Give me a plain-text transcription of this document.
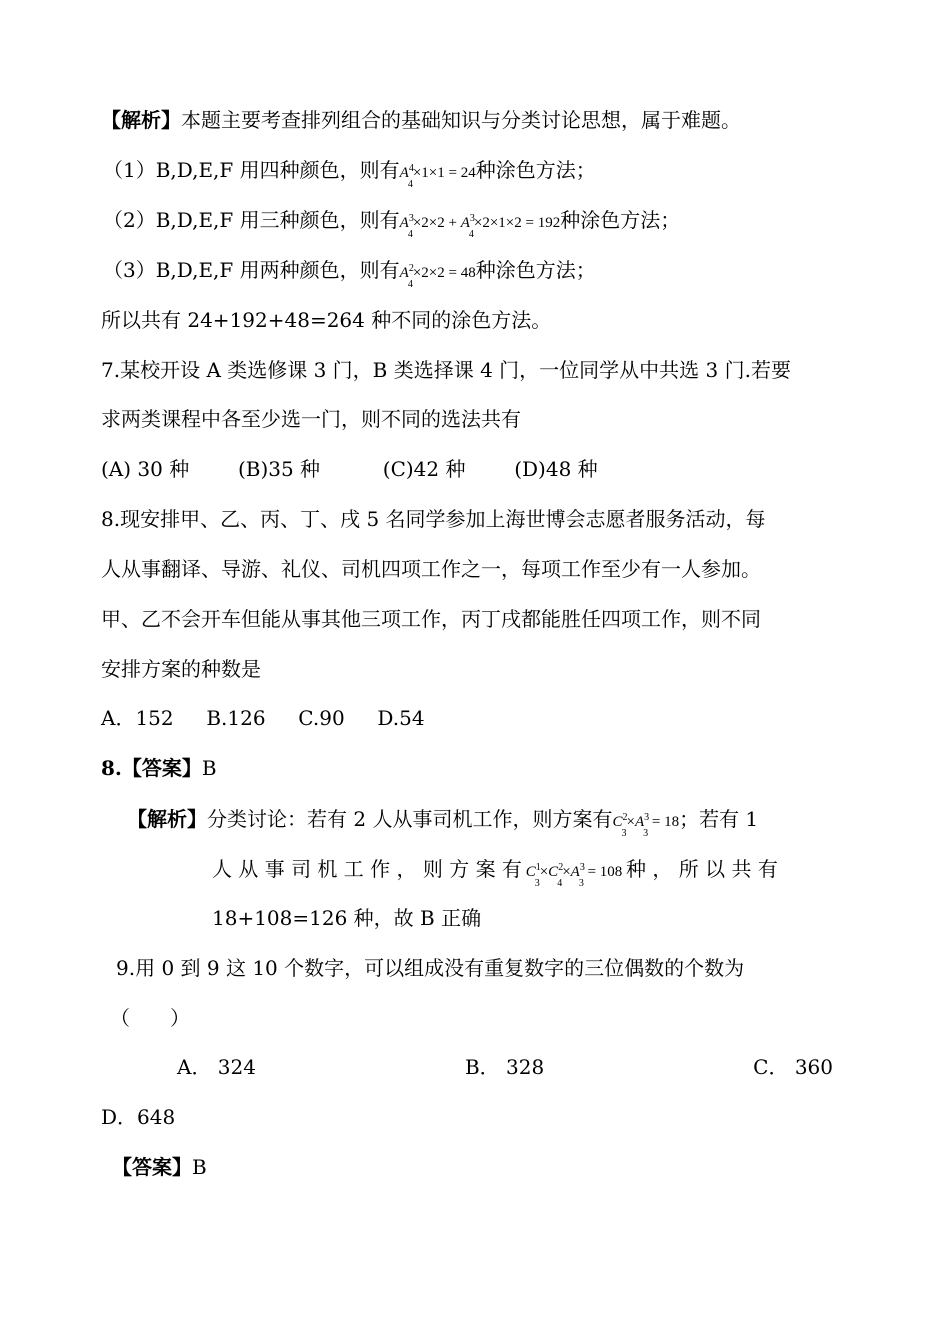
【解析】本题主要考查排列组合的基础知识与分类讨论思想，属于难题。
（1）B,D,E,F 用四种颜色，则有$A^4_4\times 1\times 1 = 24$种涂色方法；
（2）B,D,E,F 用三种颜色，则有$A^3_4\times 2\times 2 + A^3_4\times 2\times 1\times 2 = 192$种涂色方法；
（3）B,D,E,F 用两种颜色，则有$A^2_4\times 2\times 2 = 48$种涂色方法；
所以共有 24+192+48=264 种不同的涂色方法。
7.某校开设 A 类选修课 3 门，B 类选择课 4 门，一位同学从中共选 3 门.若要
求两类课程中各至少选一门，则不同的选法共有
(A) 30 种 (B)35 种	(C)42 种 (D)48 种
8.现安排甲、乙、丙、丁、戌 5 名同学参加上海世博会志愿者服务活动，每
人从事翻译、导游、礼仪、司机四项工作之一，每项工作至少有一人参加。
甲、乙不会开车但能从事其他三项工作，丙丁戌都能胜任四项工作，则不同
安排方案的种数是
A．152 B.126 C.90 D.54
8.【答案】B
【解析】分类讨论：若有 2 人从事司机工作，则方案有$C^2_3\times A^3_3 = 18$；若有 1
人 从 事 司 机 工 作 ， 则 方 案 有 $C^1_3\times C^2_4\times A^3_3 = 108$ 种 ， 所 以 共 有
18+108=126 种，故 B 正确
9.用 0 到 9 这 10 个数字，可以组成没有重复数字的三位偶数的个数为
（　　）
A． 324	B． 328	C． 360
D．648
【答案】B
